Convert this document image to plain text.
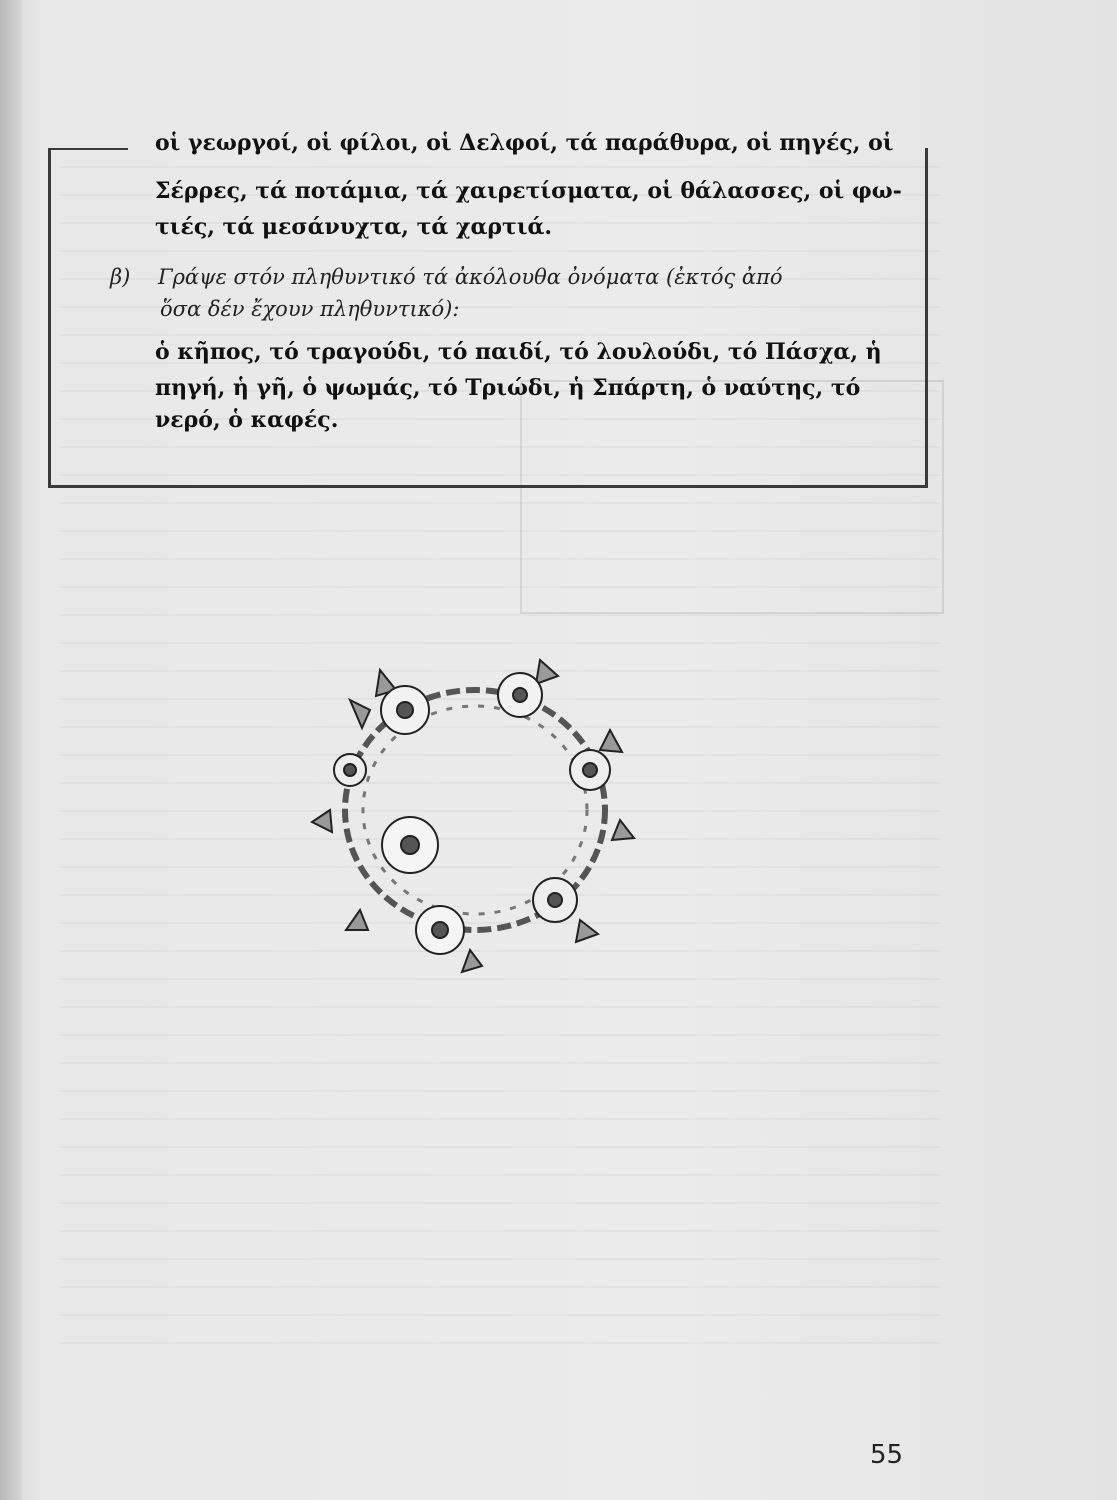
οἱ γεωργοί, οἱ φίλοι, οἱ Δελφοί, τά παράθυρα, οἱ πηγές, οἱ
Σέρρες, τά ποτάμια, τά χαιρετίσματα, οἱ θάλασσες, οἱ φω-
τιές, τά μεσάνυχτα, τά χαρτιά.
β) Γράψε στόν πληθυντικό τά ἀκόλουθα ὀνόματα (ἐκτός ἀπό
ὅσα δέν ἔχουν πληθυντικό):
ὁ κῆπος, τό τραγούδι, τό παιδί, τό λουλούδι, τό Πάσχα, ἡ
πηγή, ἡ γῆ, ὁ ψωμάς, τό Τριώδι, ἡ Σπάρτη, ὁ ναύτης, τό
νερό, ὁ καφές.
55
